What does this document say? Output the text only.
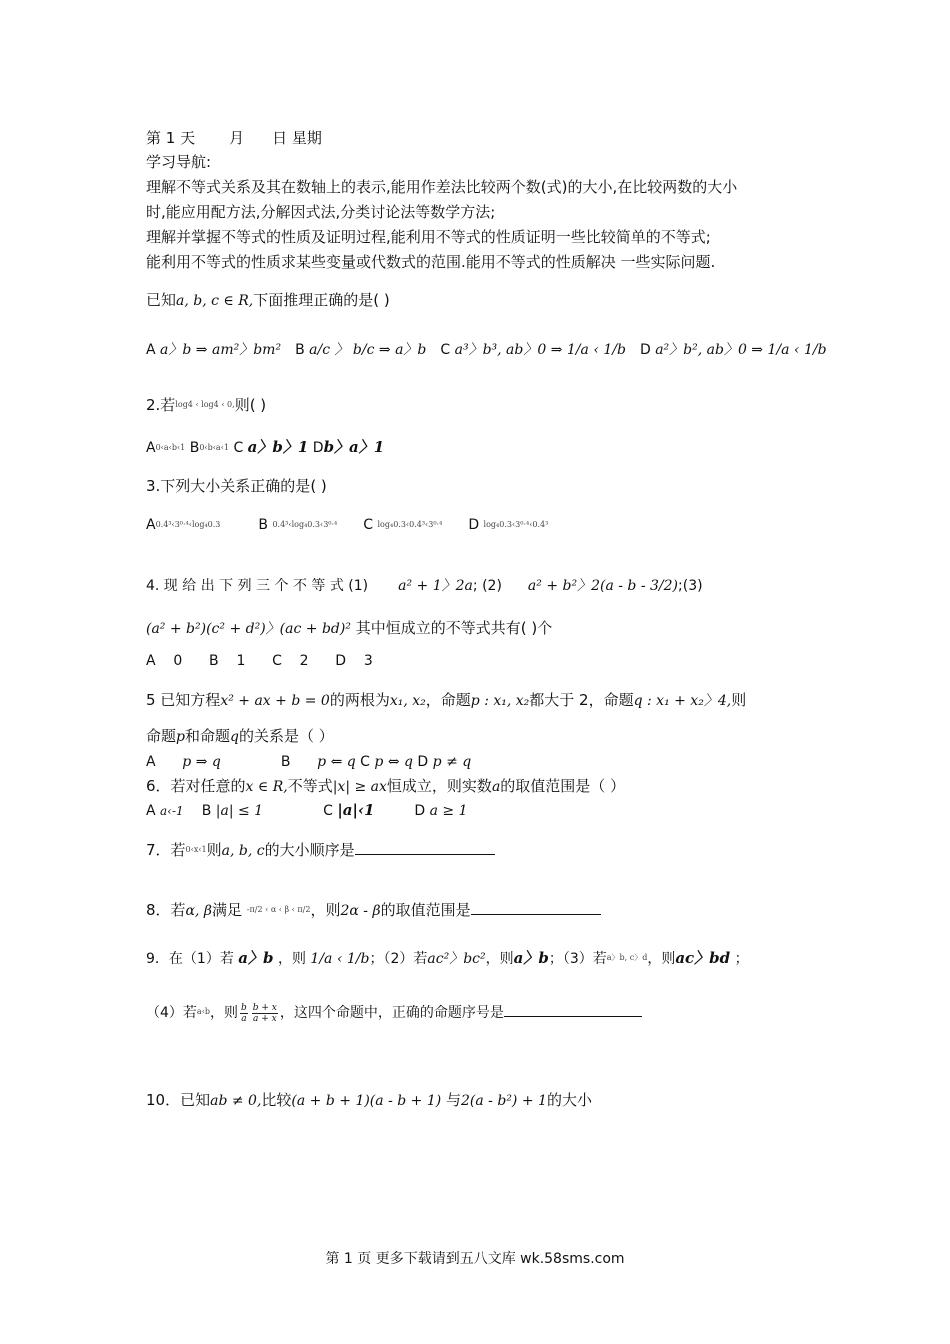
第 1 天 月 日 星期
学习导航:
理解不等式关系及其在数轴上的表示,能用作差法比较两个数(式)的大小,在比较两数的大小
时,能应用配方法,分解因式法,分类讨论法等数学方法;
理解并掌握不等式的性质及证明过程,能利用不等式的性质证明一些比较简单的不等式;
能利用不等式的性质求某些变量或代数式的范围.能用不等式的性质解决 一些实际问题.
已知a, b, c ∈ R,下面推理正确的是( )
A a〉b ⇒ am²〉bm² B a/c 〉 b/c ⇒ a〉b C a³〉b³, ab〉0 ⇒ 1/a ‹ 1/b D a²〉b², ab〉0 ⇒ 1/a ‹ 1/b
2.若$^{log4 ‹ log4 ‹ 0,}$则( )
$A^{0‹a‹b‹1}$ $B^{0‹b‹a‹1}$ C a〉b〉1 Db〉a〉1
3.下列大小关系正确的是( )
$A^{0.4^3‹3^0\cdot^4‹log_40.3}$	B $^{0.4^3‹log_40.3‹3^0\cdot^4}$ C $^{log_40.3‹0.4^3‹3^0\cdot^4}$ D $^{log_40.3‹3^0\cdot^4‹0.4^3}$
4. 现 给 出 下 列 三 个 不 等 式 (1) a² + 1〉2a; (2) a² + b²〉2(a - b - 3/2);(3)
(a² + b²)(c² + d²)〉(ac + bd)² 其中恒成立的不等式共有( )个
A 0 B 1 C 2 D 3
5 已知方程x² + ax + b = 0的两根为x₁, x₂，命题p : x₁, x₂都大于 2，命题q : x₁ + x₂〉4,则
命题p和命题q的关系是（ ）
A p ⇒ q	B p ⇐ q C p ⇔ q D p ≠ q
6．若对任意的x ∈ R,不等式|x| ≥ ax恒成立，则实数a的取值范围是（ ）
A a‹-1 B |a| ≤ 1	C |a|‹1	D a ≥ 1
7．若$^{0‹x‹1}$则a, b, c的大小顺序是
8．若α, β满足 $^{-\pi/2 ‹ \alpha ‹ \beta ‹ \pi/2}$，则2α - β的取值范围是
9．在（1）若 a〉b ，则 1/a ‹ 1/b；（2）若ac²〉bc²，则a〉b；（3）若$^{a〉b, c〉d}$，则ac〉bd ；
（4）若$^{a‹b}$，则 $\frac{b}{a} \frac{b + x}{a + x}$ ，这四个命题中，正确的命题序号是
10．已知ab ≠ 0,比较(a + b + 1)(a - b + 1) 与2(a - b²) + 1的大小
第 1 页 更多下载请到五八文库 wk.58sms.com
